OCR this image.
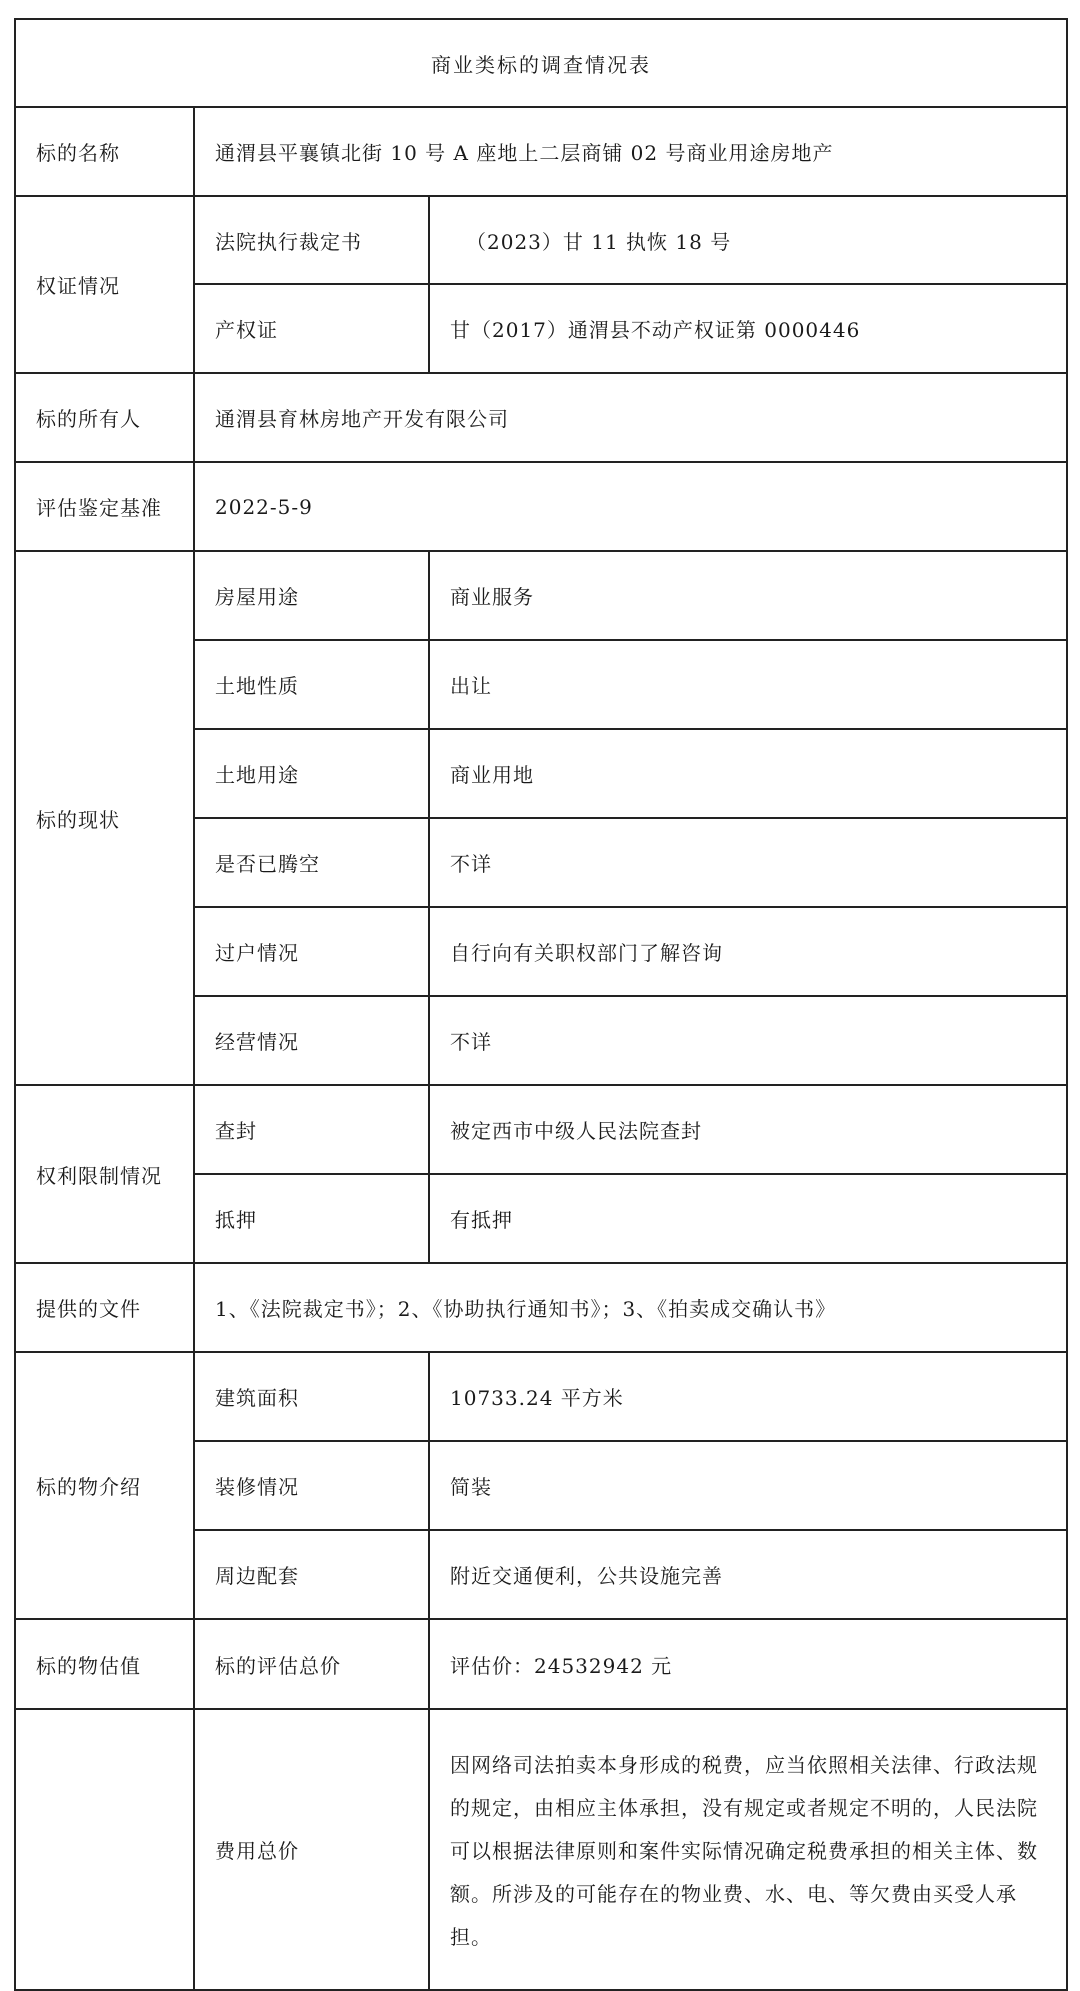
商业类标的调查情况表		
标的名称	通渭县平襄镇北街 10 号 A 座地上二层商铺 02 号商业用途房地产	
权证情况	法院执行裁定书	（2023）甘 11 执恢 18 号
	产权证	甘（2017）通渭县不动产权证第 0000446
标的所有人	通渭县育林房地产开发有限公司	
评估鉴定基准	2022-5-9	
标的现状	房屋用途	商业服务
	土地性质	出让
	土地用途	商业用地
	是否已腾空	不详
	过户情况	自行向有关职权部门了解咨询
	经营情况	不详
权利限制情况	查封	被定西市中级人民法院查封
	抵押	有抵押
提供的文件	1、《法院裁定书》；2、《协助执行通知书》；3、《拍卖成交确认书》	
标的物介绍	建筑面积	10733.24 平方米
	装修情况	简装
	周边配套	附近交通便利，公共设施完善
标的物估值	标的评估总价	评估价：24532942 元
	费用总价	因网络司法拍卖本身形成的税费，应当依照相关法律、行政法规的规定，由相应主体承担，没有规定或者规定不明的，人民法院可以根据法律原则和案件实际情况确定税费承担的相关主体、数额。所涉及的可能存在的物业费、水、电、等欠费由买受人承担。
